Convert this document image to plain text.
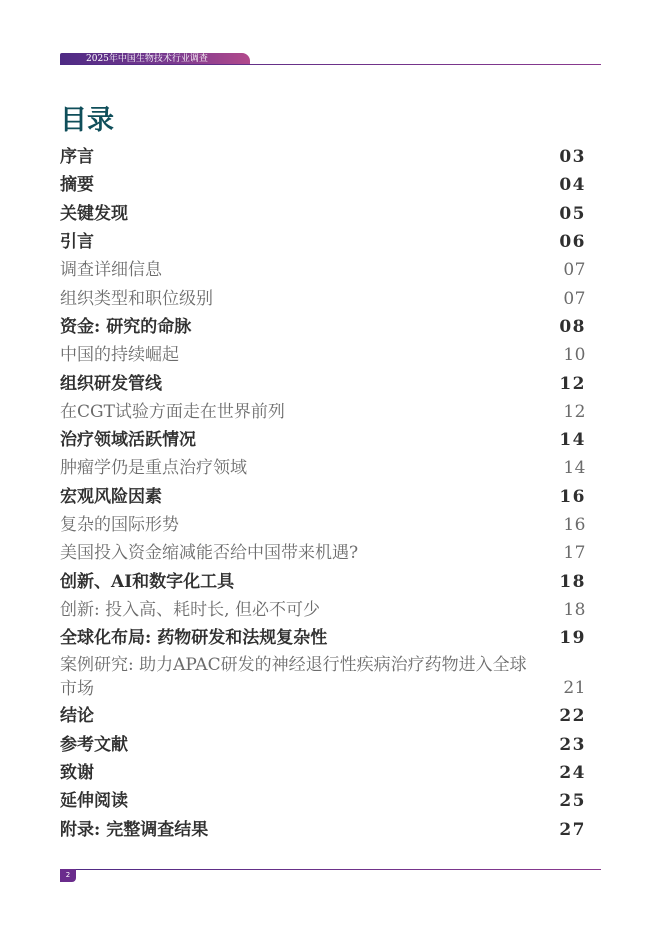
2025年中国生物技术行业调查
目录
序言	03
摘要	04
关键发现	05
引言	06
调查详细信息	07
组织类型和职位级别	07
资金: 研究的命脉	08
中国的持续崛起	10
组织研发管线	12
在CGT试验方面走在世界前列	12
治疗领域活跃情况	14
肿瘤学仍是重点治疗领域	14
宏观风险因素	16
复杂的国际形势	16
美国投入资金缩减能否给中国带来机遇?	17
创新、AI和数字化工具	18
创新: 投入高、耗时长, 但必不可少	18
全球化布局: 药物研发和法规复杂性	19
案例研究: 助力APAC研发的神经退行性疾病治疗药物进入全球市场	21
结论	22
参考文献	23
致谢	24
延伸阅读	25
附录: 完整调查结果	27
2
